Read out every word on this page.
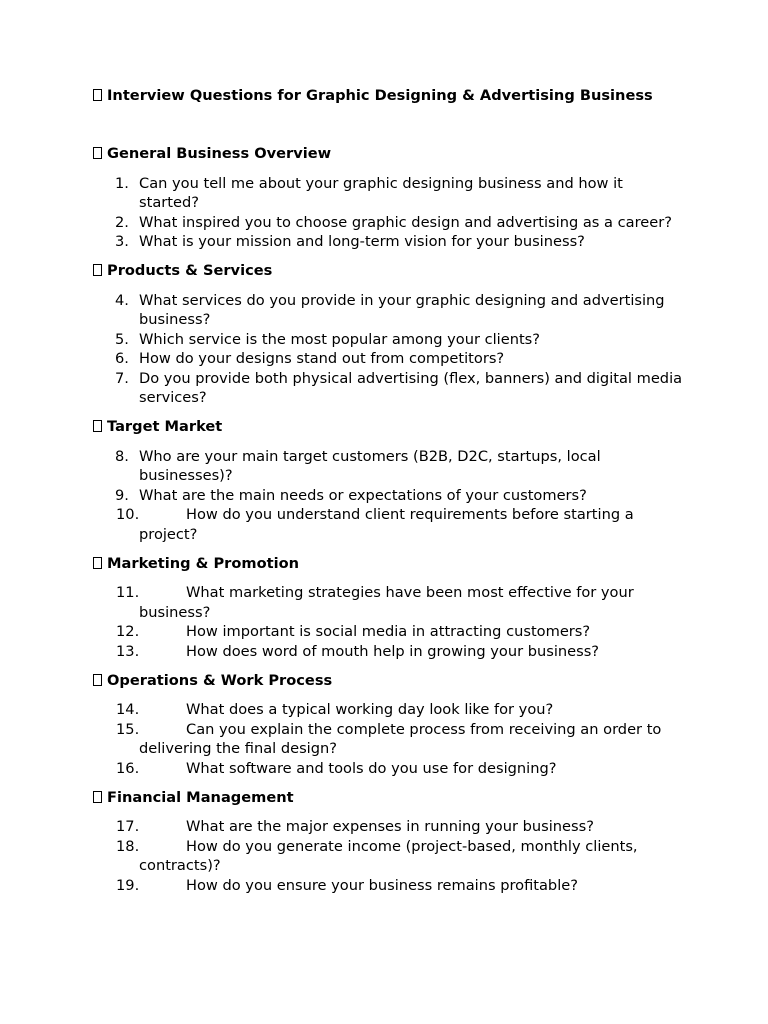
Interview Questions for Graphic Designing & Advertising Business

General Business Overview

1. Can you tell me about your graphic designing business and how it started?
2. What inspired you to choose graphic design and advertising as a career?
3. What is your mission and long-term vision for your business?

Products & Services

4. What services do you provide in your graphic designing and advertising business?
5. Which service is the most popular among your clients?
6. How do your designs stand out from competitors?
7. Do you provide both physical advertising (flex, banners) and digital media services?

Target Market

8. Who are your main target customers (B2B, D2C, startups, local businesses)?
9. What are the main needs or expectations of your customers?
10.	How do you understand client requirements before starting a project?

Marketing & Promotion

11.	What marketing strategies have been most effective for your business?
12.	How important is social media in attracting customers?
13.	How does word of mouth help in growing your business?

Operations & Work Process

14.	What does a typical working day look like for you?
15.	Can you explain the complete process from receiving an order to delivering the final design?
16.	What software and tools do you use for designing?

Financial Management

17.	What are the major expenses in running your business?
18.	How do you generate income (project-based, monthly clients, contracts)?
19.	How do you ensure your business remains profitable?
